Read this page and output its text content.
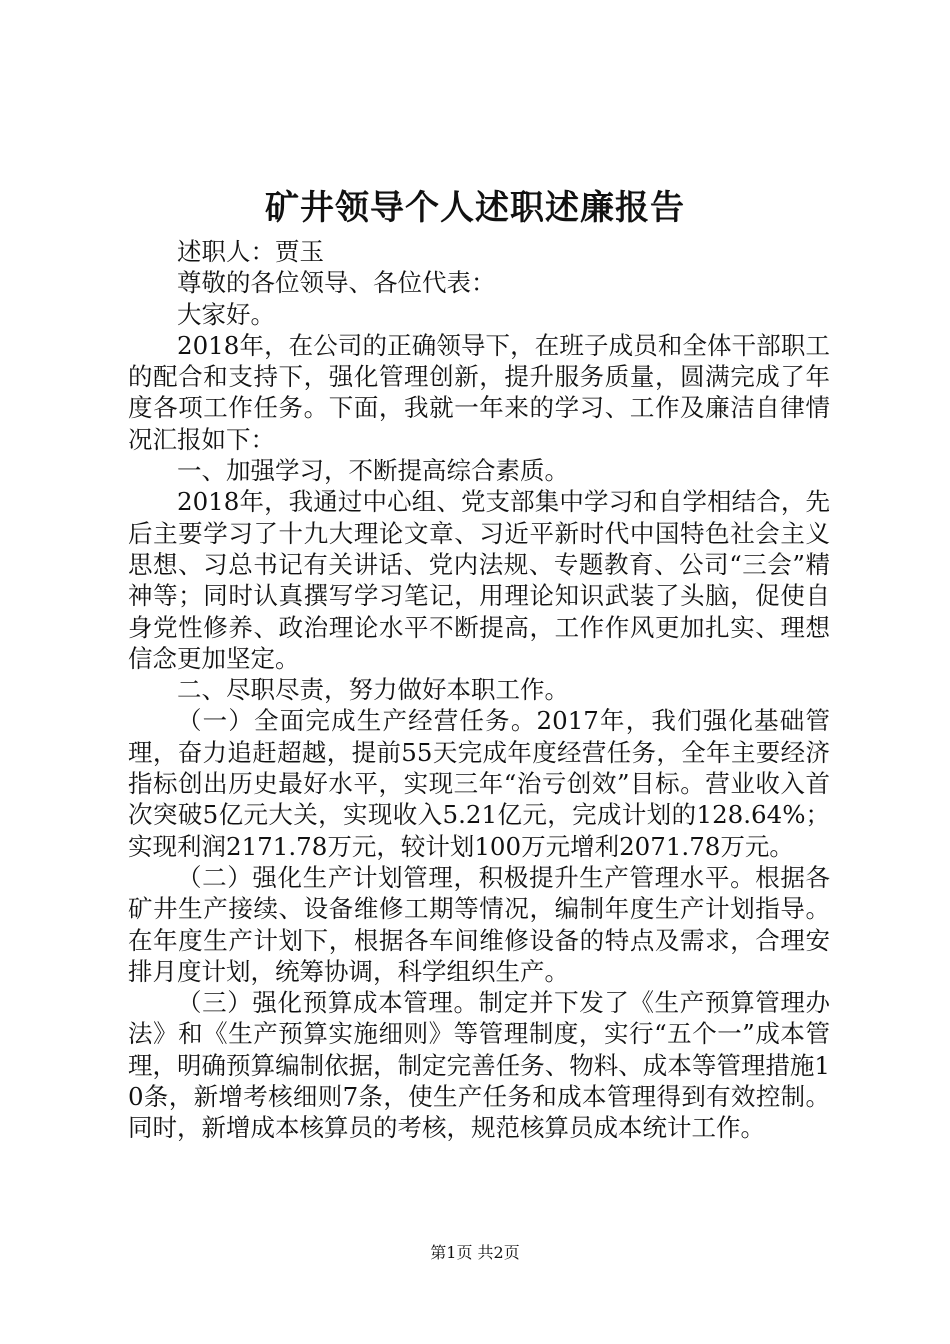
矿井领导个人述职述廉报告

述职人：贾玉

尊敬的各位领导、各位代表：

大家好。

2018年，在公司的正确领导下，在班子成员和全体干部职工的配合和支持下，强化管理创新，提升服务质量，圆满完成了年度各项工作任务。下面，我就一年来的学习、工作及廉洁自律情况汇报如下：

一、加强学习，不断提高综合素质。

2018年，我通过中心组、党支部集中学习和自学相结合，先后主要学习了十九大理论文章、习近平新时代中国特色社会主义思想、习总书记有关讲话、党内法规、专题教育、公司“三会”精神等；同时认真撰写学习笔记，用理论知识武装了头脑，促使自身党性修养、政治理论水平不断提高，工作作风更加扎实、理想信念更加坚定。

二、尽职尽责，努力做好本职工作。

（一）全面完成生产经营任务。2017年，我们强化基础管理，奋力追赶超越，提前55天完成年度经营任务，全年主要经济指标创出历史最好水平，实现三年“治亏创效”目标。营业收入首次突破5亿元大关，实现收入5.21亿元，完成计划的128.64%；实现利润2171.78万元，较计划100万元增利2071.78万元。

（二）强化生产计划管理，积极提升生产管理水平。根据各矿井生产接续、设备维修工期等情况，编制年度生产计划指导。在年度生产计划下，根据各车间维修设备的特点及需求，合理安排月度计划，统筹协调，科学组织生产。

（三）强化预算成本管理。制定并下发了《生产预算管理办法》和《生产预算实施细则》等管理制度，实行“五个一”成本管理，明确预算编制依据，制定完善任务、物料、成本等管理措施10条，新增考核细则7条，使生产任务和成本管理得到有效控制。同时，新增成本核算员的考核，规范核算员成本统计工作。

第1页 共2页
